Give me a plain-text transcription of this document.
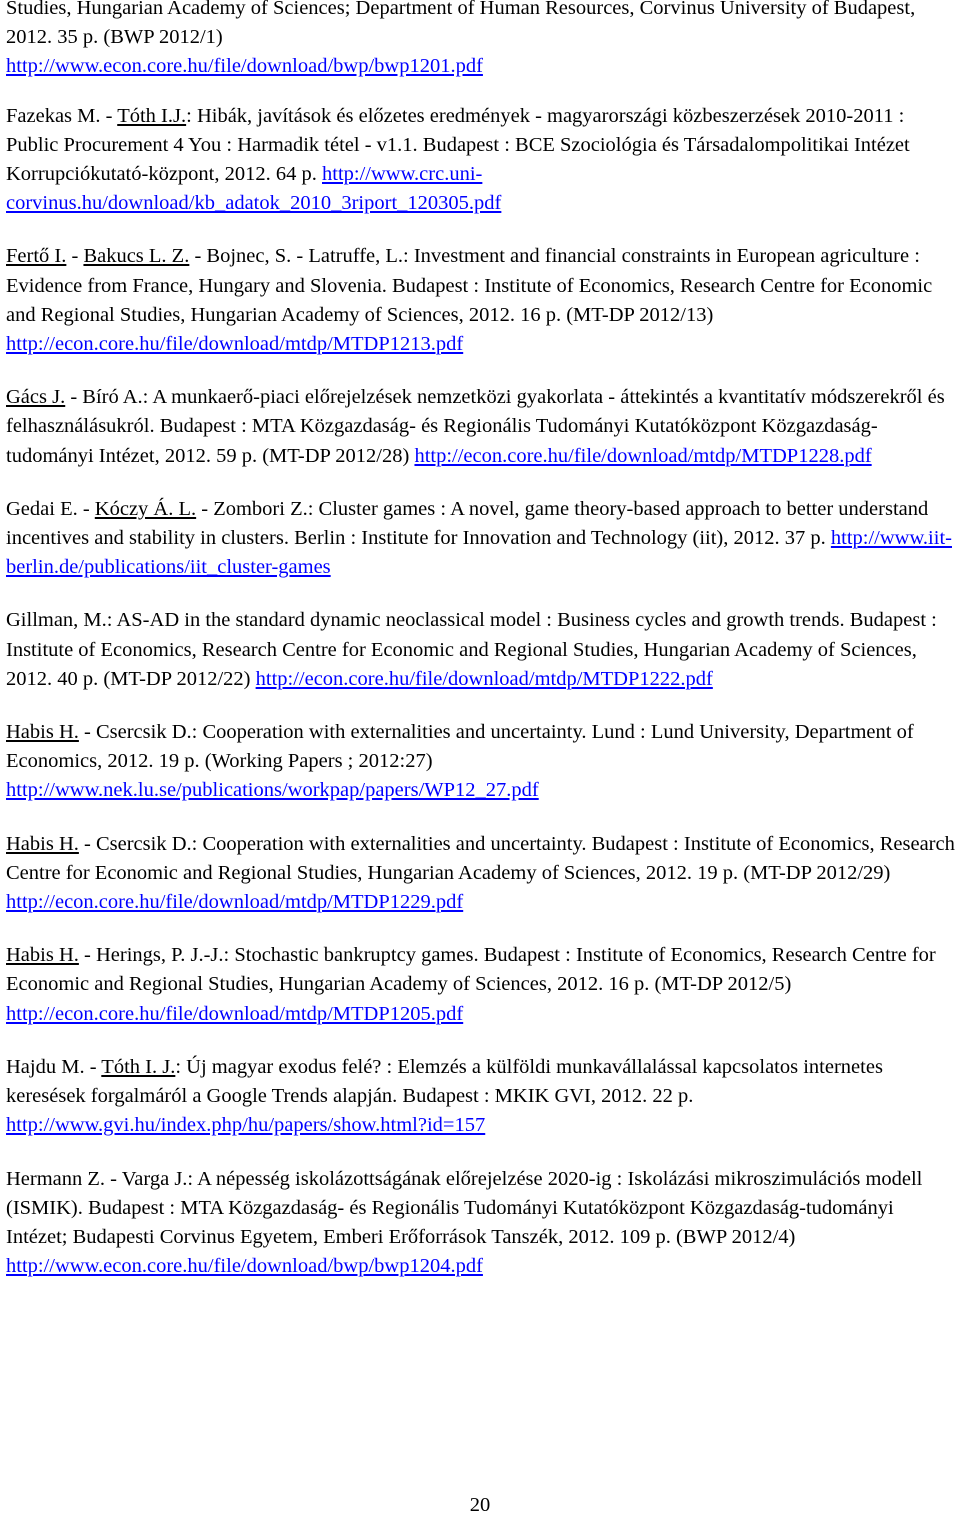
Studies, Hungarian Academy of Sciences; Department of Human Resources, Corvinus University of Budapest, 2012. 35 p. (BWP 2012/1)
http://www.econ.core.hu/file/download/bwp/bwp1201.pdf
Fazekas M. - Tóth I.J.: Hibák, javítások és előzetes eredmények - magyarországi közbeszerzések 2010-2011 : Public Procurement 4 You : Harmadik tétel - v1.1. Budapest : BCE Szociológia és Társadalompolitikai Intézet Korrupciókutató-központ, 2012. 64 p. http://www.crc.uni-corvinus.hu/download/kb_adatok_2010_3riport_120305.pdf
Fertő I. - Bakucs L. Z. - Bojnec, S. - Latruffe, L.: Investment and financial constraints in European agriculture : Evidence from France, Hungary and Slovenia. Budapest : Institute of Economics, Research Centre for Economic and Regional Studies, Hungarian Academy of Sciences, 2012. 16 p. (MT-DP 2012/13) http://econ.core.hu/file/download/mtdp/MTDP1213.pdf
Gács J. - Bíró A.: A munkaerő-piaci előrejelzések nemzetközi gyakorlata - áttekintés a kvantitatív módszerekről és felhasználásukról. Budapest : MTA Közgazdaság- és Regionális Tudományi Kutatóközpont Közgazdaság-tudományi Intézet, 2012. 59 p. (MT-DP 2012/28) http://econ.core.hu/file/download/mtdp/MTDP1228.pdf
Gedai E. - Kóczy Á. L. - Zombori Z.: Cluster games : A novel, game theory-based approach to better understand incentives and stability in clusters. Berlin : Institute for Innovation and Technology (iit), 2012. 37 p. http://www.iit-berlin.de/publications/iit_cluster-games
Gillman, M.: AS-AD in the standard dynamic neoclassical model : Business cycles and growth trends. Budapest : Institute of Economics, Research Centre for Economic and Regional Studies, Hungarian Academy of Sciences, 2012. 40 p. (MT-DP 2012/22) http://econ.core.hu/file/download/mtdp/MTDP1222.pdf
Habis H. - Csercsik D.: Cooperation with externalities and uncertainty. Lund : Lund University, Department of Economics, 2012. 19 p. (Working Papers ; 2012:27) http://www.nek.lu.se/publications/workpap/papers/WP12_27.pdf
Habis H. - Csercsik D.: Cooperation with externalities and uncertainty. Budapest : Institute of Economics, Research Centre for Economic and Regional Studies, Hungarian Academy of Sciences, 2012. 19 p. (MT-DP 2012/29) http://econ.core.hu/file/download/mtdp/MTDP1229.pdf
Habis H. - Herings, P. J.-J.: Stochastic bankruptcy games. Budapest : Institute of Economics, Research Centre for Economic and Regional Studies, Hungarian Academy of Sciences, 2012. 16 p. (MT-DP 2012/5) http://econ.core.hu/file/download/mtdp/MTDP1205.pdf
Hajdu M. - Tóth I. J.: Új magyar exodus felé? : Elemzés a külföldi munkavállalással kapcsolatos internetes keresések forgalmáról a Google Trends alapján. Budapest : MKIK GVI, 2012. 22 p. http://www.gvi.hu/index.php/hu/papers/show.html?id=157
Hermann Z. - Varga J.: A népesség iskolázottságának előrejelzése 2020-ig : Iskolázási mikroszimulációs modell (ISMIK). Budapest : MTA Közgazdaság- és Regionális Tudományi Kutatóközpont Közgazdaság-tudományi Intézet; Budapesti Corvinus Egyetem, Emberi Erőforrások Tanszék, 2012. 109 p. (BWP 2012/4) http://www.econ.core.hu/file/download/bwp/bwp1204.pdf
20
